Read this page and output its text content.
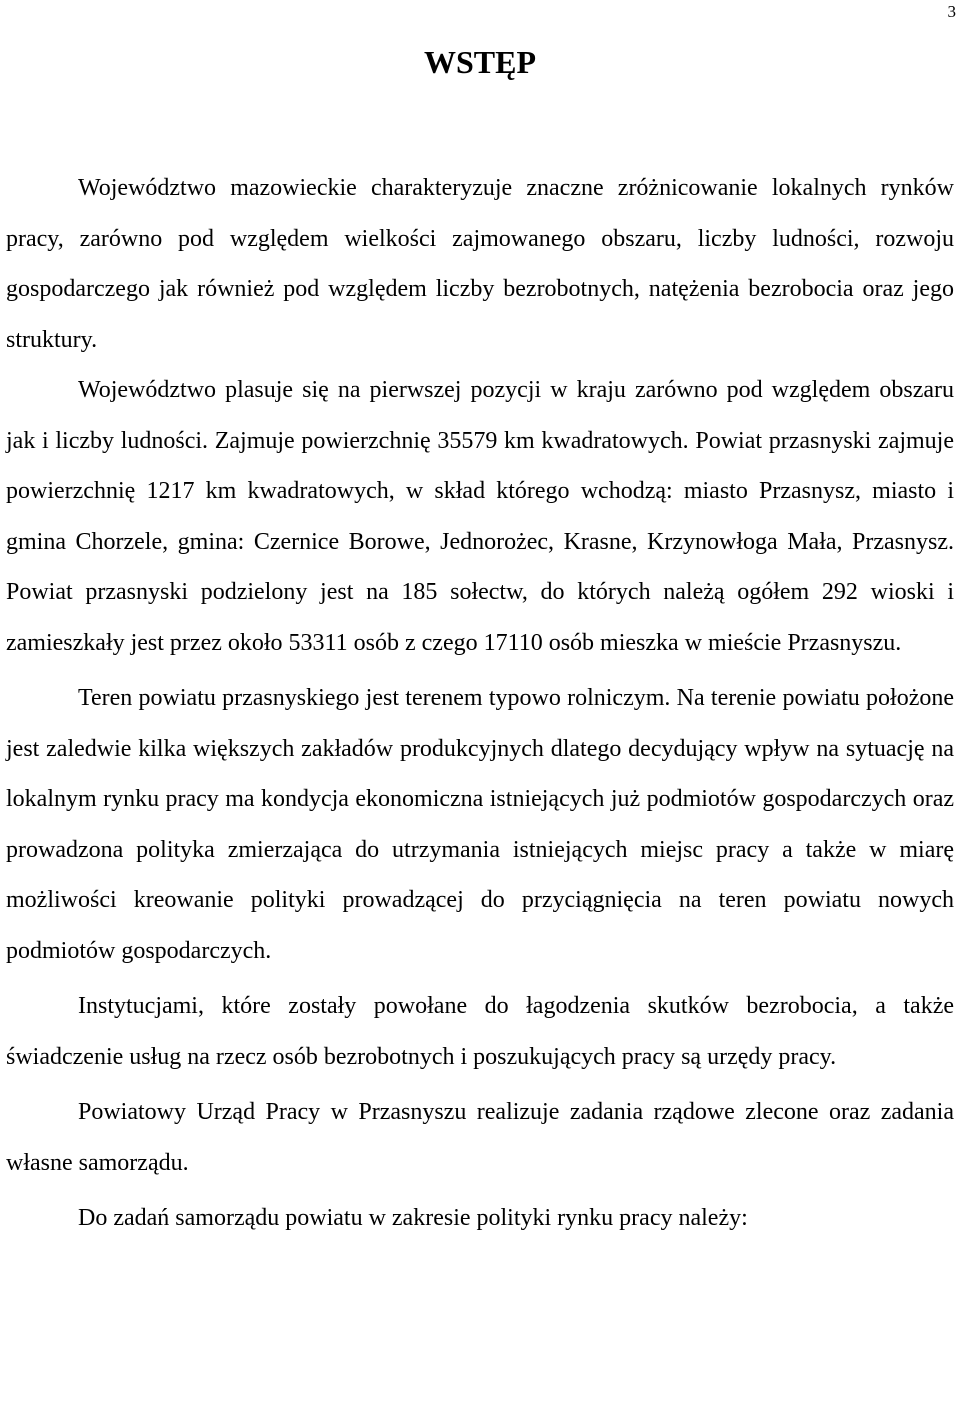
3
WSTĘP

Województwo mazowieckie charakteryzuje znaczne zróżnicowanie lokalnych rynków pracy, zarówno pod względem wielkości zajmowanego obszaru, liczby ludności, rozwoju gospodarczego jak również pod względem liczby bezrobotnych, natężenia bezrobocia oraz jego struktury.

Województwo plasuje się na pierwszej pozycji w kraju zarówno pod względem obszaru jak i liczby ludności. Zajmuje powierzchnię 35579 km kwadratowych. Powiat przasnyski zajmuje powierzchnię 1217 km kwadratowych, w skład którego wchodzą: miasto Przasnysz, miasto i gmina Chorzele, gmina: Czernice Borowe, Jednorożec, Krasne, Krzynowłoga Mała, Przasnysz. Powiat przasnyski podzielony jest na 185 sołectw, do których należą ogółem 292 wioski i zamieszkały jest przez około 53311 osób z czego 17110 osób mieszka w mieście Przasnyszu.

Teren powiatu przasnyskiego jest terenem typowo rolniczym. Na terenie powiatu położone jest zaledwie kilka większych zakładów produkcyjnych dlatego decydujący wpływ na sytuację na lokalnym rynku pracy ma kondycja ekonomiczna istniejących już podmiotów gospodarczych oraz prowadzona polityka zmierzająca do utrzymania istniejących miejsc pracy a także w miarę możliwości kreowanie polityki prowadzącej do przyciągnięcia na teren powiatu nowych podmiotów gospodarczych.

Instytucjami, które zostały powołane do łagodzenia skutków bezrobocia, a także świadczenie usług na rzecz osób bezrobotnych i poszukujących pracy są urzędy pracy.

Powiatowy Urząd Pracy w Przasnyszu realizuje zadania rządowe zlecone oraz zadania własne samorządu.

Do zadań samorządu powiatu w zakresie polityki rynku pracy należy:
